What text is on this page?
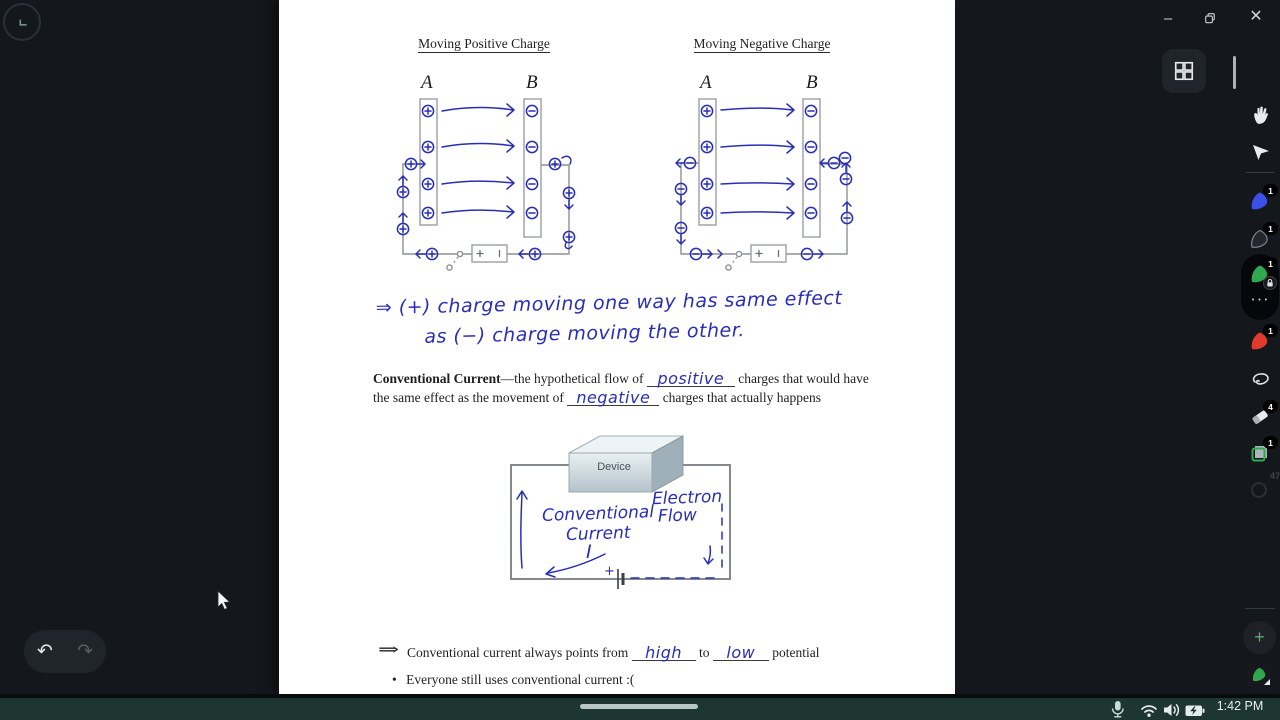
Moving Positive Charge	Moving Negative Charge
A	B	A	B
⇒ (+) charge moving one way has same effect
as (−) charge moving the other.
Conventional Current—the hypothetical flow of positive charges that would have
the same effect as the movement of negative charges that actually happens
Device
Conventional
Current
I
Electron
Flow
+
⇒ Conventional current always points from high to low potential
• Everyone still uses conventional current :(
–	✕
1
1
1
• • •
1
4
1
47
+
↶ ↷
1:42 PM
